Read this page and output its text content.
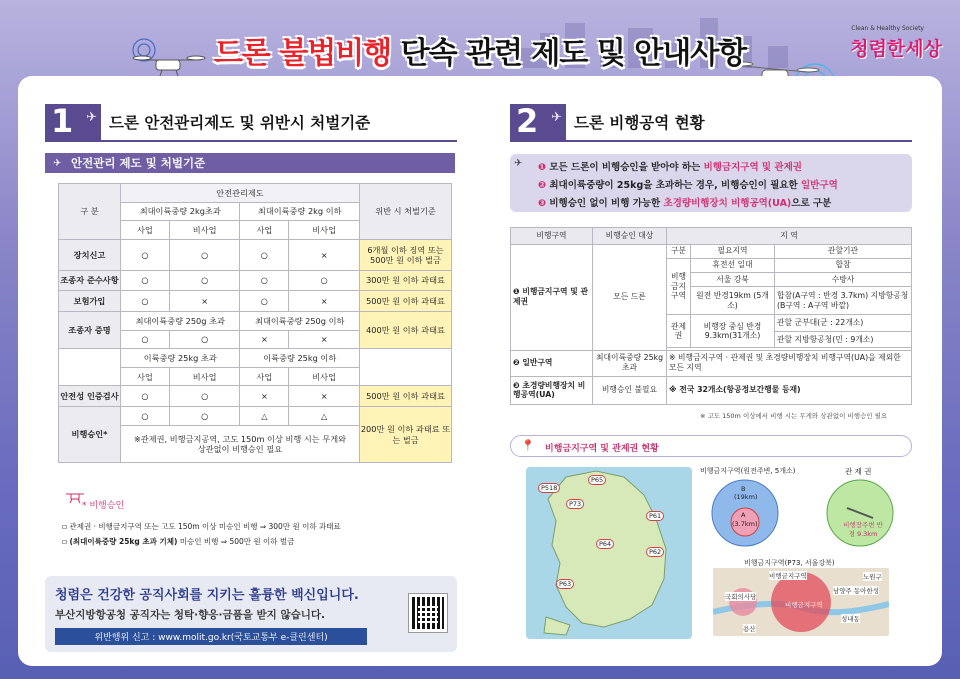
드론 불법비행 단속 관련 제도 및 안내사항
Clean & Healthy Society
청렴한세상
1 ✈ 드론 안전관리제도 및 위반시 처벌기준
✈ 안전관리 제도 및 처벌기준
구 분	안전관리제도				위반 시 처벌기준
	최대이륙중량 2kg초과		최대이륙중량 2kg 이하		
	사업	비사업	사업	비사업	
장치신고	○	○	○	×	6개월 이하 징역 또는 500만 원 이하 벌금
조종자 준수사항	○	○	○	○	300만 원 이하 과태료
보험가입	○	×	○	×	500만 원 이하 과태료
조종자 증명	최대이륙중량 250g 초과		최대이륙중량 250g 이하		400만 원 이하 과태료
	○	○	×	×	
	이륙중량 25kg 초과		이륙중량 25kg 이하		
	사업	비사업	사업	비사업	
안전성 인증검사	○	○	×	×	500만 원 이하 과태료
비행승인*	○	○	△	△	200만 원 이하 과태료 또는 벌금
	※관제권, 비행금지공역, 고도 150m 이상 비행 시는 무게와 상관없이 비행승인 필요				
* 비행승인
▫ 관제권 · 비행금지구역 또는 고도 150m 이상 미승인 비행 ⇒ 300만 원 이하 과태료
▫ (최대이륙중량 25kg 초과 기체) 미승인 비행 ⇒ 500만 원 이하 벌금
청렴은 건강한 공직사회를 지키는 훌륭한 백신입니다.
부산지방항공청 공직자는 청탁·향응·금품을 받지 않습니다.
위반행위 신고 : www.molit.go.kr(국토교통부 e-클린센터)
2 ✈ 드론 비행공역 현황
✈ ❶ 모든 드론이 비행승인을 받아야 하는 비행금지구역 및 관제권
❷ 최대이륙중량이 25kg을 초과하는 경우, 비행승인이 필요한 일반구역
❸ 비행승인 없이 비행 가능한 초경량비행장치 비행공역(UA)으로 구분
비행구역	비행승인 대상	지 역		
❶ 비행금지구역 및 관제권	모든 드론	구분	필요지역	관할기관
		비행 금지 구역	휴전선 일대	합참
			서울 강북	수방사
			원전 반경19km (5개소)	합참(A구역 : 반경 3.7km) 지방항공청(B구역 : A구역 바깥)
		관제권	비행장 중심 반경 9.3km(31개소)	관할 군부대(군 : 22개소)
				관할 지방항공청(민 : 9개소)

❷ 일반구역	최대이륙중량 25kg 초과	※ 비행금지구역 · 관제권 및 초경량비행장치 비행구역(UA)을 제외한 모든 지역		
❸ 초경량비행장치 비행공역(UA)	비행승인 불필요	※ 전국 32개소(항공정보간행물 등재)		
※ 고도 150m 이상에서 비행 시는 무게와 상관없이 비행승인 필요
📍 비행금지구역 및 관제권 현황
P518
P65
P73
P61
P64
P62
P63
비행금지구역(원전주변, 5개소)
B
(19km)
A
(3.7km)
관 제 권
비행장주변 반경 9.3km
비행금지구역(P73, 서울강북)
비행금지구역
비행금지구역
국회의사당
남양주 동아한성
노원구
성내동
용산
